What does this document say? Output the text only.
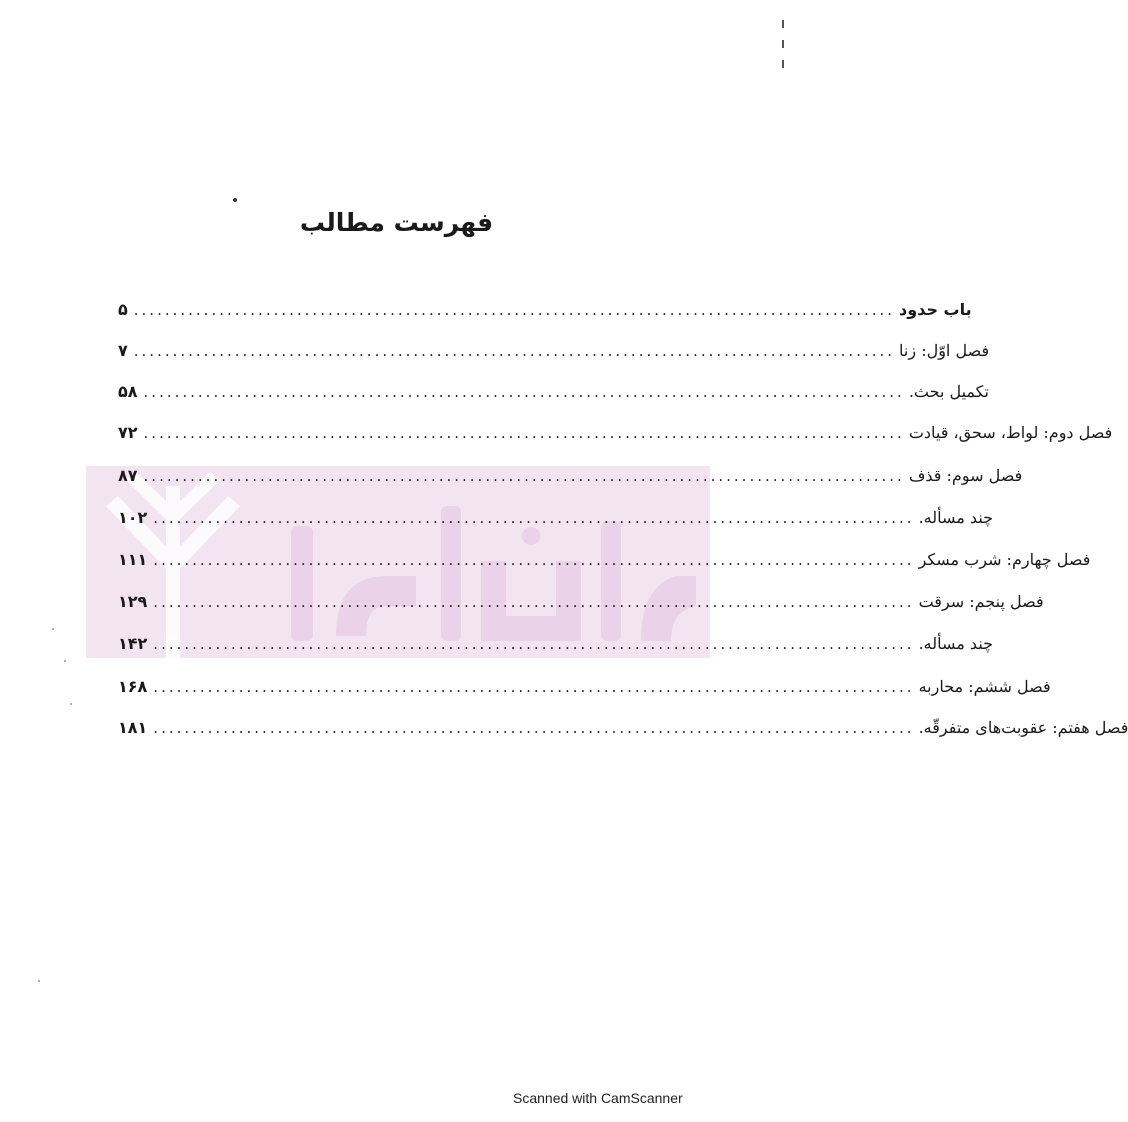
فهرست مطالب
۵ .................................................................................................. باب حدود
۷ .................................................................................................. فصل اوّل: زنا
۵۸ .................................................................................................. تکمیل بحث.
۷۲ .................................................................................................. فصل دوم: لواط، سحق، قیادت
۸۷ .................................................................................................. فصل سوم: قذف
۱۰۲ .................................................................................................. چند مسأله.
۱۱۱ .................................................................................................. فصل چهارم: شرب مسکر
۱۲۹ .................................................................................................. فصل پنجم: سرقت
۱۴۲ .................................................................................................. چند مسأله.
۱۶۸ .................................................................................................. فصل ششم: محاربه
۱۸۱ .................................................................................................. فصل هفتم: عقوبت‌های متفرقّه.
Scanned with CamScanner
